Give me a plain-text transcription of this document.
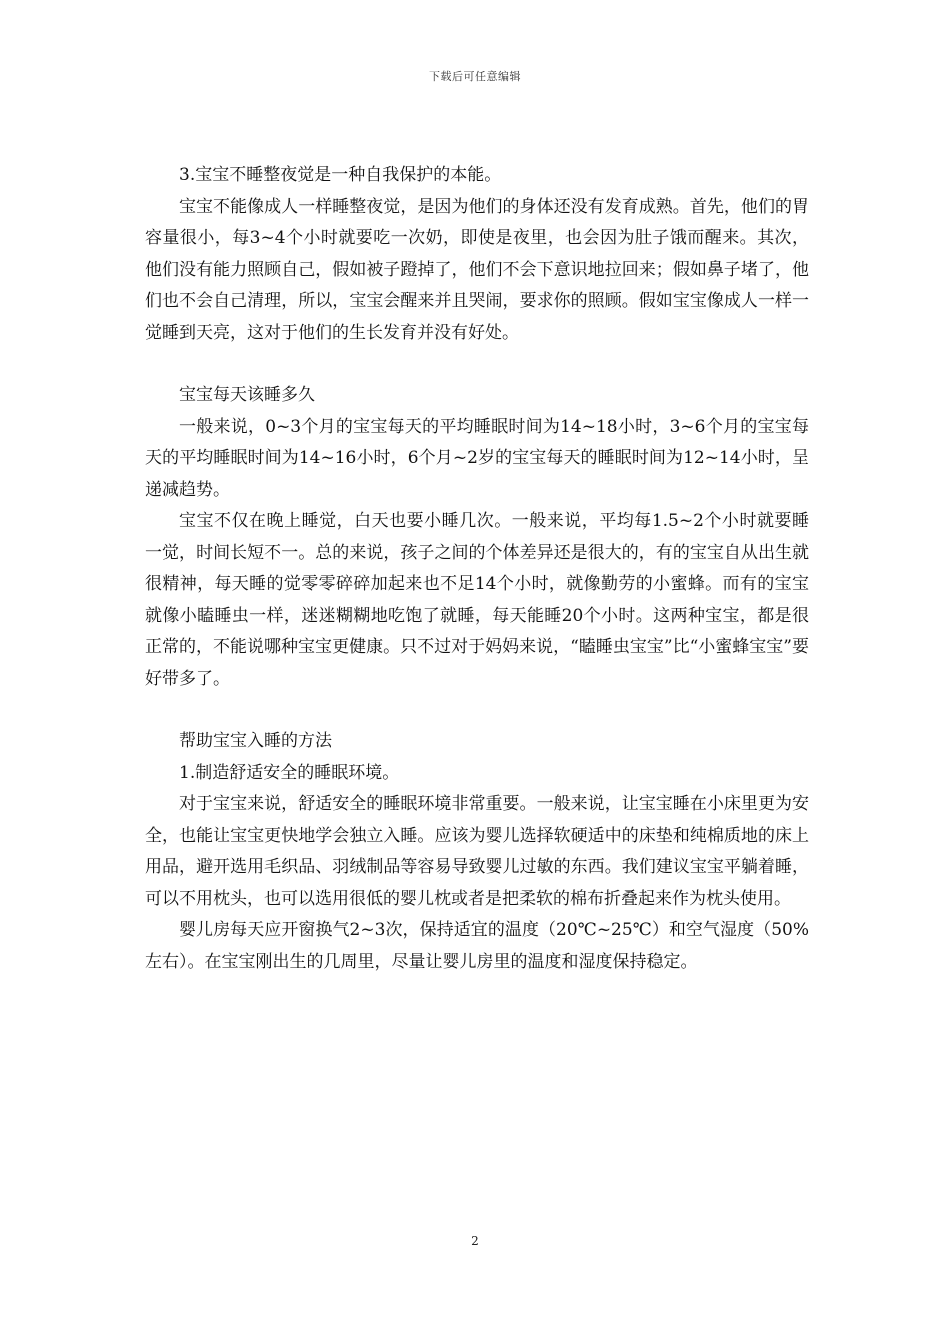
下载后可任意编辑

3.宝宝不睡整夜觉是一种自我保护的本能。

宝宝不能像成人一样睡整夜觉，是因为他们的身体还没有发育成熟。首先，他们的胃容量很小，每3~4个小时就要吃一次奶，即使是夜里，也会因为肚子饿而醒来。其次，他们没有能力照顾自己，假如被子蹬掉了，他们不会下意识地拉回来；假如鼻子堵了，他们也不会自己清理，所以，宝宝会醒来并且哭闹，要求你的照顾。假如宝宝像成人一样一觉睡到天亮，这对于他们的生长发育并没有好处。

宝宝每天该睡多久

一般来说，0~3个月的宝宝每天的平均睡眠时间为14~18小时，3~6个月的宝宝每天的平均睡眠时间为14~16小时，6个月~2岁的宝宝每天的睡眠时间为12~14小时，呈递减趋势。

宝宝不仅在晚上睡觉，白天也要小睡几次。一般来说，平均每1.5~2个小时就要睡一觉，时间长短不一。总的来说，孩子之间的个体差异还是很大的，有的宝宝自从出生就很精神，每天睡的觉零零碎碎加起来也不足14个小时，就像勤劳的小蜜蜂。而有的宝宝就像小瞌睡虫一样，迷迷糊糊地吃饱了就睡，每天能睡20个小时。这两种宝宝，都是很正常的，不能说哪种宝宝更健康。只不过对于妈妈来说，“瞌睡虫宝宝”比“小蜜蜂宝宝”要好带多了。

帮助宝宝入睡的方法

1.制造舒适安全的睡眠环境。

对于宝宝来说，舒适安全的睡眠环境非常重要。一般来说，让宝宝睡在小床里更为安全，也能让宝宝更快地学会独立入睡。应该为婴儿选择软硬适中的床垫和纯棉质地的床上用品，避开选用毛织品、羽绒制品等容易导致婴儿过敏的东西。我们建议宝宝平躺着睡，可以不用枕头，也可以选用很低的婴儿枕或者是把柔软的棉布折叠起来作为枕头使用。

婴儿房每天应开窗换气2~3次，保持适宜的温度（20℃~25℃）和空气湿度（50%左右）。在宝宝刚出生的几周里，尽量让婴儿房里的温度和湿度保持稳定。

2
